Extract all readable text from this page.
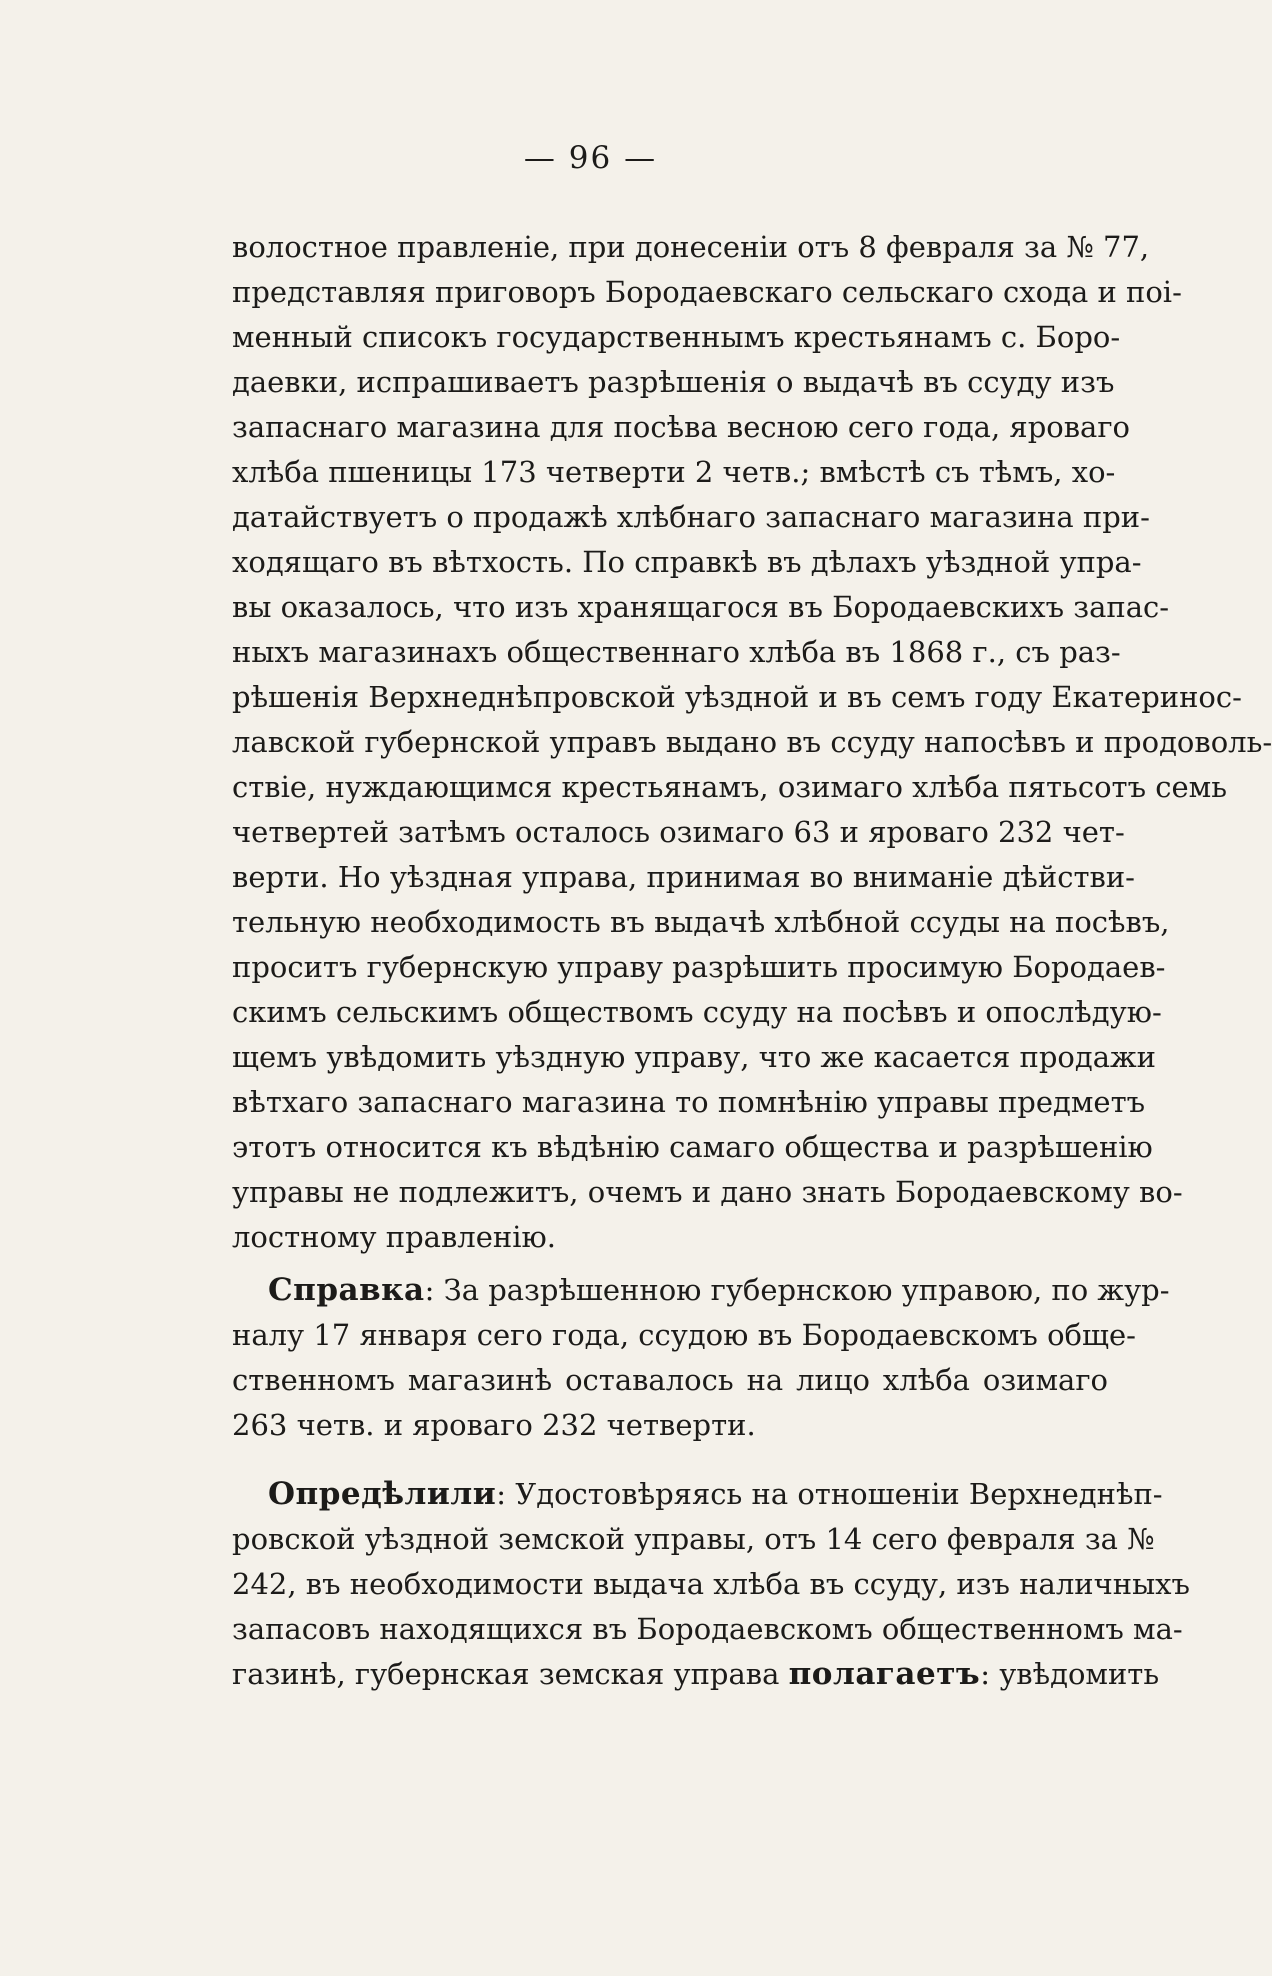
— 96 —
волостное правленіе, при донесеніи отъ 8 февраля за № 77,
представляя приговоръ Бородаевскаго сельскаго схода и поі-
менный списокъ государственнымъ крестьянамъ с. Боро-
даевки, испрашиваетъ разрѣшенія о выдачѣ въ ссуду изъ
запаснаго магазина для посѣва весною сего года, яроваго
хлѣба пшеницы 173 четверти 2 четв.; вмѣстѣ съ тѣмъ, хо-
датайствуетъ о продажѣ хлѣбнаго запаснаго магазина при-
ходящаго въ вѣтхость. По справкѣ въ дѣлахъ уѣздной упра-
вы оказалось, что изъ хранящагося въ Бородаевскихъ запас-
ныхъ магазинахъ общественнаго хлѣба въ 1868 г., съ раз-
рѣшенія Верхнеднѣпровской уѣздной и въ семъ году Екатеринос-
лавской губернской управъ выдано въ ссуду напосѣвъ и продоволь-
ствіе, нуждающимся крестьянамъ, озимаго хлѣба пятьсотъ семь
четвертей затѣмъ осталось озимаго 63 и яроваго 232 чет-
верти. Но уѣздная управа, принимая во вниманіе дѣйстви-
тельную необходимость въ выдачѣ хлѣбной ссуды на посѣвъ,
проситъ губернскую управу разрѣшить просимую Бородаев-
скимъ сельскимъ обществомъ ссуду на посѣвъ и опослѣдую-
щемъ увѣдомить уѣздную управу, что же касается продажи
вѣтхаго запаснаго магазина то помнѣнію управы предметъ
этотъ относится къ вѣдѣнію самаго общества и разрѣшенію
управы не подлежитъ, очемъ и дано знать Бородаевскому во-
лостному правленію.
Справка: За разрѣшенною губернскою управою, по жур-
налу 17 января сего года, ссудою въ Бородаевскомъ обще-
ственномъ магазинѣ оставалось на лицо хлѣба озимаго
263 четв. и яроваго 232 четверти.
Опредѣлили: Удостовѣряясь на отношеніи Верхнеднѣп-
ровской уѣздной земской управы, отъ 14 сего февраля за №
242, въ необходимости выдача хлѣба въ ссуду, изъ наличныхъ
запасовъ находящихся въ Бородаевскомъ общественномъ ма-
газинѣ, губернская земская управа полагаетъ: увѣдомить
